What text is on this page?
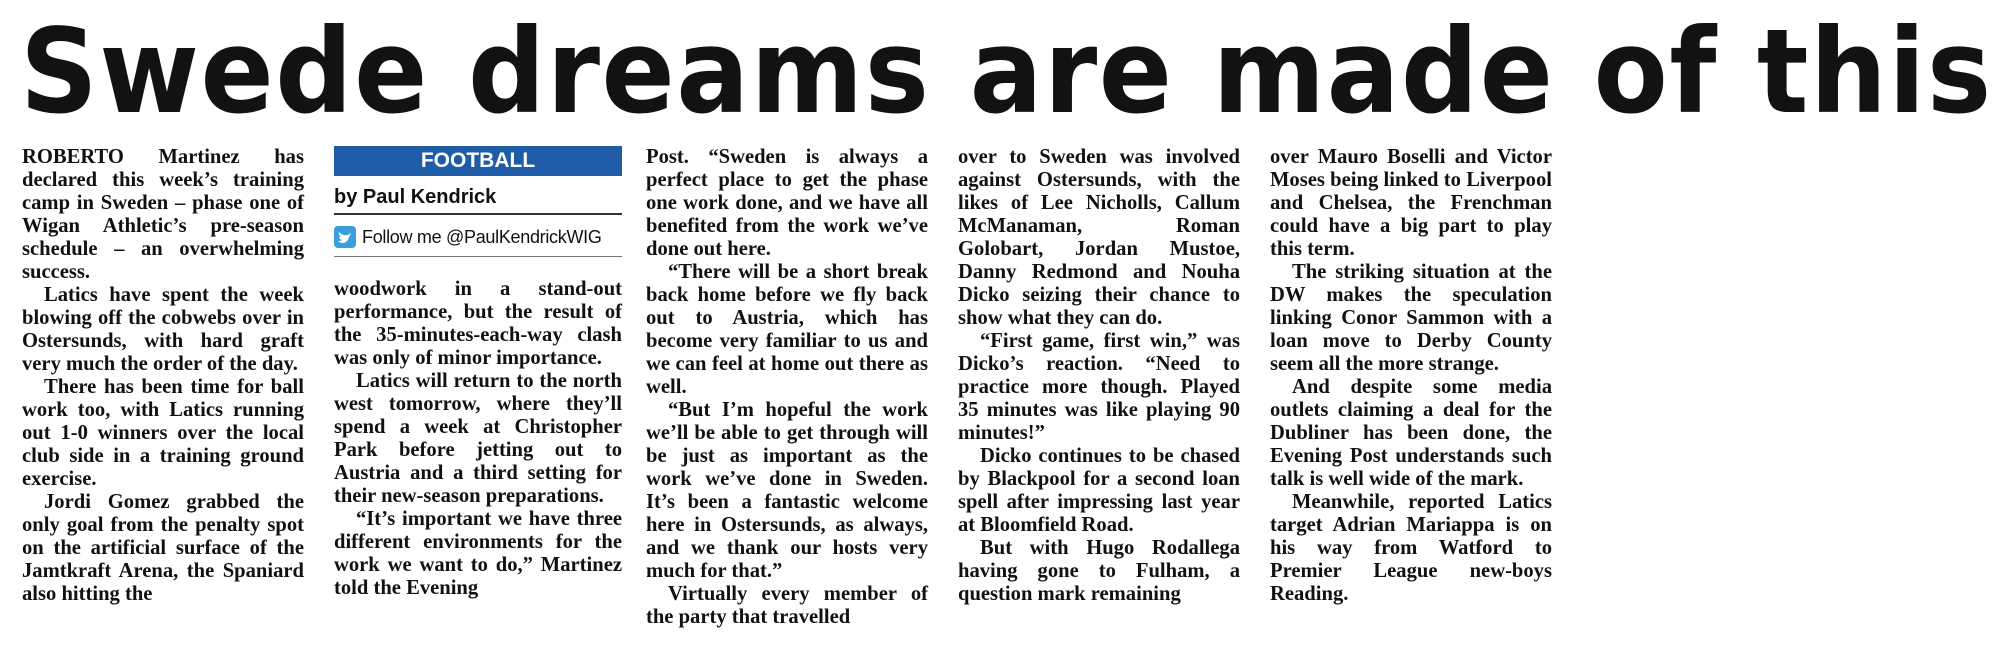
Swede dreams are made of this

ROBERTO Martinez has declared this week’s training camp in Sweden – phase one of Wigan Athletic’s pre-season schedule – an overwhelming success.

Latics have spent the week blowing off the cobwebs over in Ostersunds, with hard graft very much the order of the day.

There has been time for ball work too, with Latics running out 1-0 winners over the local club side in a training ground exercise.

Jordi Gomez grabbed the only goal from the penalty spot on the artificial surface of the Jamtkraft Arena, the Spaniard also hitting the

FOOTBALL
by Paul Kendrick
Follow me @PaulKendrickWIG

woodwork in a stand-out performance, but the result of the 35-minutes-each-way clash was only of minor importance.

Latics will return to the north west tomorrow, where they’ll spend a week at Christopher Park before jetting out to Austria and a third setting for their new-season preparations.

“It’s important we have three different environments for the work we want to do,” Martinez told the Evening

Post. “Sweden is always a perfect place to get the phase one work done, and we have all benefited from the work we’ve done out here.

“There will be a short break back home before we fly back out to Austria, which has become very familiar to us and we can feel at home out there as well.

“But I’m hopeful the work we’ll be able to get through will be just as important as the work we’ve done in Sweden. It’s been a fantastic welcome here in Ostersunds, as always, and we thank our hosts very much for that.”

Virtually every member of the party that travelled

over to Sweden was involved against Ostersunds, with the likes of Lee Nicholls, Callum McManaman, Roman Golobart, Jordan Mustoe, Danny Redmond and Nouha Dicko seizing their chance to show what they can do.

“First game, first win,” was Dicko’s reaction. “Need to practice more though. Played 35 minutes was like playing 90 minutes!”

Dicko continues to be chased by Blackpool for a second loan spell after impressing last year at Bloomfield Road.

But with Hugo Rodallega having gone to Fulham, a question mark remaining

over Mauro Boselli and Victor Moses being linked to Liverpool and Chelsea, the Frenchman could have a big part to play this term.

The striking situation at the DW makes the speculation linking Conor Sammon with a loan move to Derby County seem all the more strange.

And despite some media outlets claiming a deal for the Dubliner has been done, the Evening Post understands such talk is well wide of the mark.

Meanwhile, reported Latics target Adrian Mariappa is on his way from Watford to Premier League new-boys Reading.
